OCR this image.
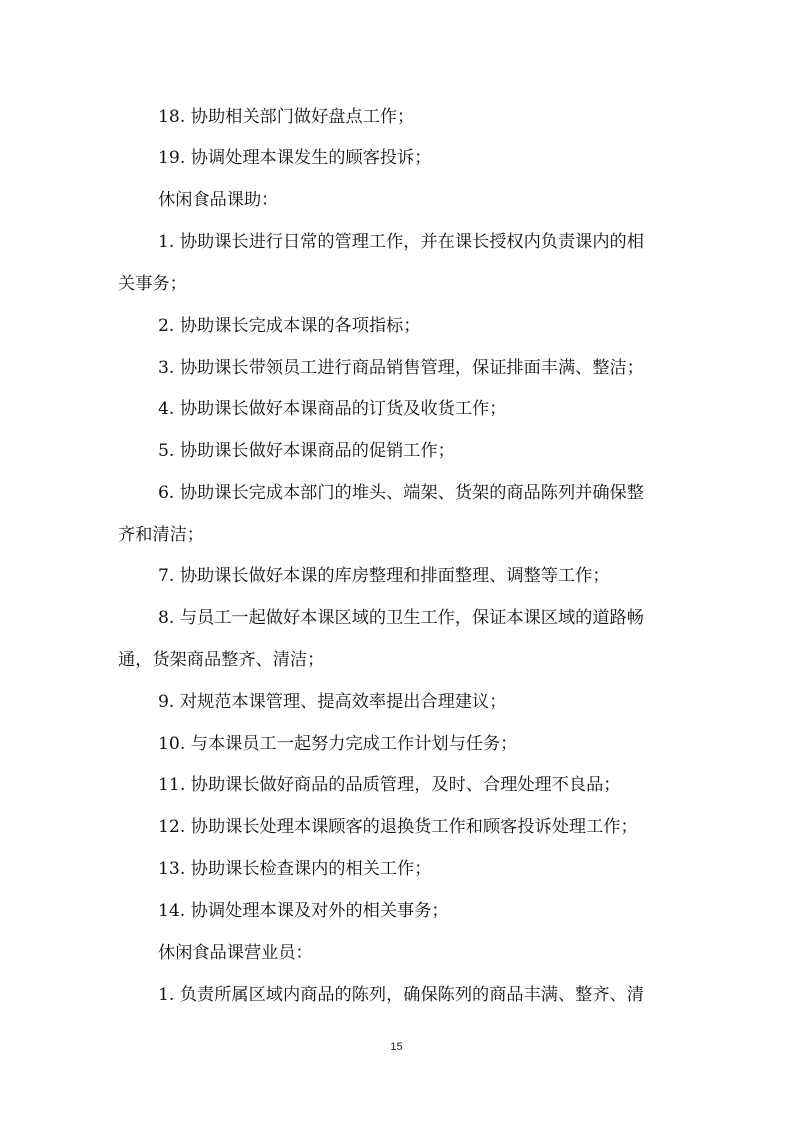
18. 协助相关部门做好盘点工作；
19. 协调处理本课发生的顾客投诉；
休闲食品课助：
1. 协助课长进行日常的管理工作，并在课长授权内负责课内的相
关事务；
2. 协助课长完成本课的各项指标；
3. 协助课长带领员工进行商品销售管理，保证排面丰满、整洁；
4. 协助课长做好本课商品的订货及收货工作；
5. 协助课长做好本课商品的促销工作；
6. 协助课长完成本部门的堆头、端架、货架的商品陈列并确保整
齐和清洁；
7. 协助课长做好本课的库房整理和排面整理、调整等工作；
8. 与员工一起做好本课区域的卫生工作，保证本课区域的道路畅
通，货架商品整齐、清洁；
9. 对规范本课管理、提高效率提出合理建议；
10. 与本课员工一起努力完成工作计划与任务；
11. 协助课长做好商品的品质管理，及时、合理处理不良品；
12. 协助课长处理本课顾客的退换货工作和顾客投诉处理工作；
13. 协助课长检查课内的相关工作；
14. 协调处理本课及对外的相关事务；
休闲食品课营业员：
1. 负责所属区域内商品的陈列，确保陈列的商品丰满、整齐、清
15
